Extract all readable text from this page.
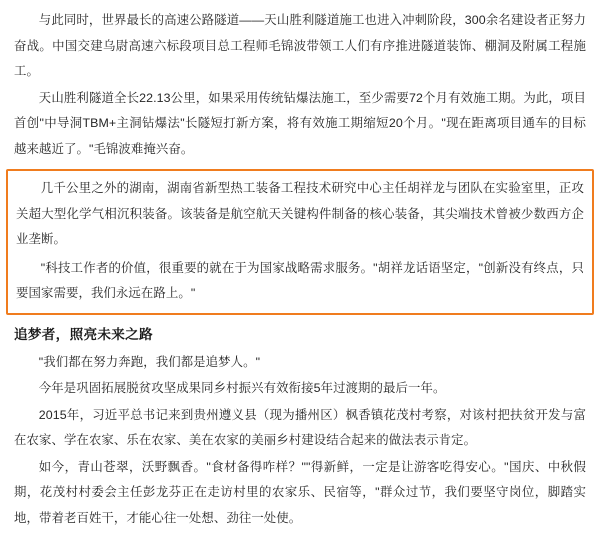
与此同时，世界最长的高速公路隧道——天山胜利隧道施工也进入冲刺阶段，300余名建设者正努力奋战。中国交建乌尉高速六标段项目总工程师毛锦波带领工人们有序推进隧道装饰、棚洞及附属工程施工。

天山胜利隧道全长22.13公里，如果采用传统钻爆法施工，至少需要72个月有效施工期。为此，项目首创"中导洞TBM+主洞钻爆法"长隧短打新方案，将有效施工期缩短20个月。"现在距离项目通车的目标越来越近了。"毛锦波难掩兴奋。

几千公里之外的湖南，湖南省新型热工装备工程技术研究中心主任胡祥龙与团队在实验室里，正攻关超大型化学气相沉积装备。该装备是航空航天关键构件制备的核心装备，其尖端技术曾被少数西方企业垄断。

"科技工作者的价值，很重要的就在于为国家战略需求服务。"胡祥龙话语坚定，"创新没有终点，只要国家需要，我们永远在路上。"

追梦者，照亮未来之路

"我们都在努力奔跑，我们都是追梦人。"

今年是巩固拓展脱贫攻坚成果同乡村振兴有效衔接5年过渡期的最后一年。

2015年，习近平总书记来到贵州遵义县（现为播州区）枫香镇花茂村考察，对该村把扶贫开发与富在农家、学在农家、乐在农家、美在农家的美丽乡村建设结合起来的做法表示肯定。

如今，青山苍翠，沃野飘香。"食材备得咋样？""得新鲜，一定是让游客吃得安心。"国庆、中秋假期，花茂村村委会主任彭龙芬正在走访村里的农家乐、民宿等，"群众过节，我们要坚守岗位，脚踏实地，带着老百姓干，才能心往一处想、劲往一处使。
